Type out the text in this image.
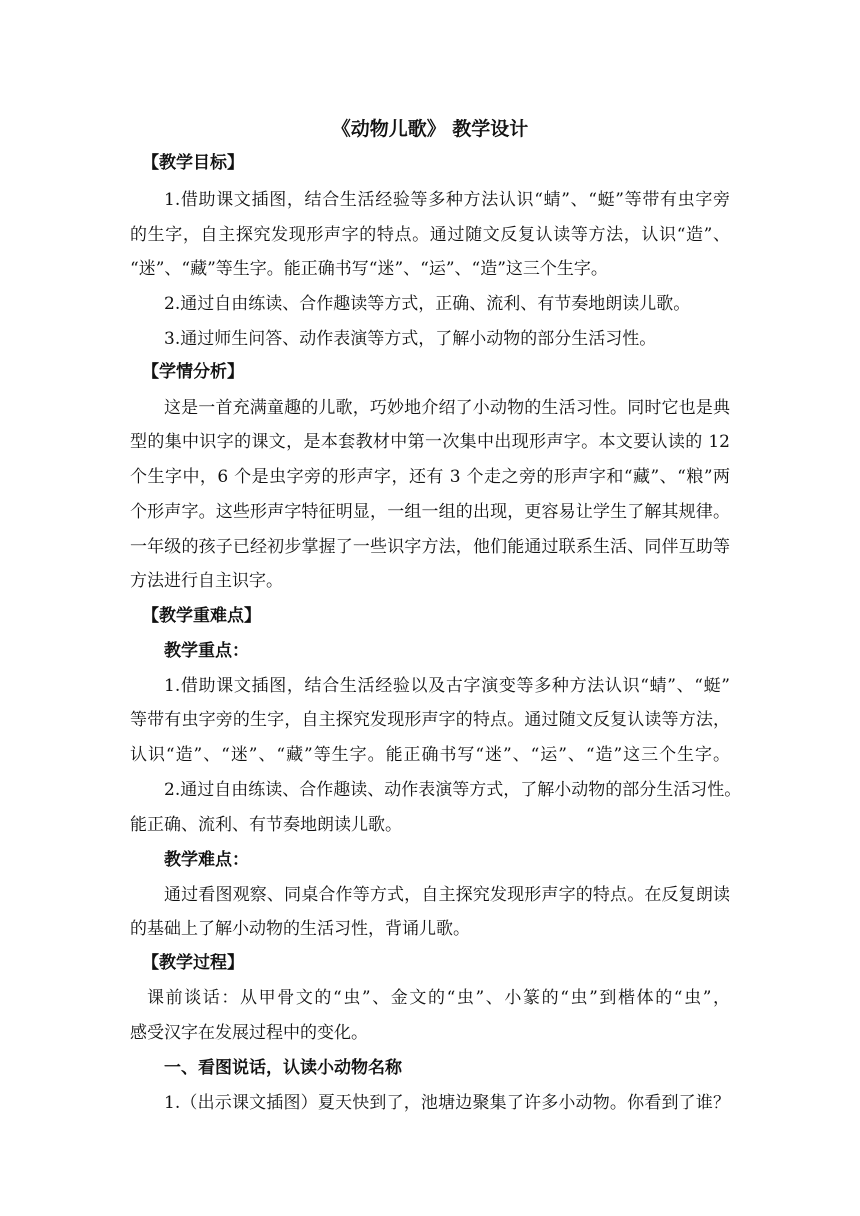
《动物儿歌》 教学设计
【教学目标】
1.借助课文插图，结合生活经验等多种方法认识“蜻”、“蜓”等带有虫字旁
的生字，自主探究发现形声字的特点。通过随文反复认读等方法，认识“造”、
“迷”、“藏”等生字。能正确书写“迷”、“运”、“造”这三个生字。
2.通过自由练读、合作趣读等方式，正确、流利、有节奏地朗读儿歌。
3.通过师生问答、动作表演等方式，了解小动物的部分生活习性。
【学情分析】
这是一首充满童趣的儿歌，巧妙地介绍了小动物的生活习性。同时它也是典
型的集中识字的课文，是本套教材中第一次集中出现形声字。本文要认读的 12
个生字中，6 个是虫字旁的形声字，还有 3 个走之旁的形声字和“藏”、“粮”两
个形声字。这些形声字特征明显，一组一组的出现，更容易让学生了解其规律。
一年级的孩子已经初步掌握了一些识字方法，他们能通过联系生活、同伴互助等
方法进行自主识字。
【教学重难点】
教学重点：
1.借助课文插图，结合生活经验以及古字演变等多种方法认识“蜻”、“蜓”
等带有虫字旁的生字，自主探究发现形声字的特点。通过随文反复认读等方法，
认识“造”、“迷”、“藏”等生字。能正确书写“迷”、“运”、“造”这三个生字。
2.通过自由练读、合作趣读、动作表演等方式，了解小动物的部分生活习性。
能正确、流利、有节奏地朗读儿歌。
教学难点：
通过看图观察、同桌合作等方式，自主探究发现形声字的特点。在反复朗读
的基础上了解小动物的生活习性，背诵儿歌。
【教学过程】
课前谈话：从甲骨文的“虫”、金文的“虫”、小篆的“虫”到楷体的“虫”，
感受汉字在发展过程中的变化。
一、看图说话，认读小动物名称
1.（出示课文插图）夏天快到了，池塘边聚集了许多小动物。你看到了谁？
